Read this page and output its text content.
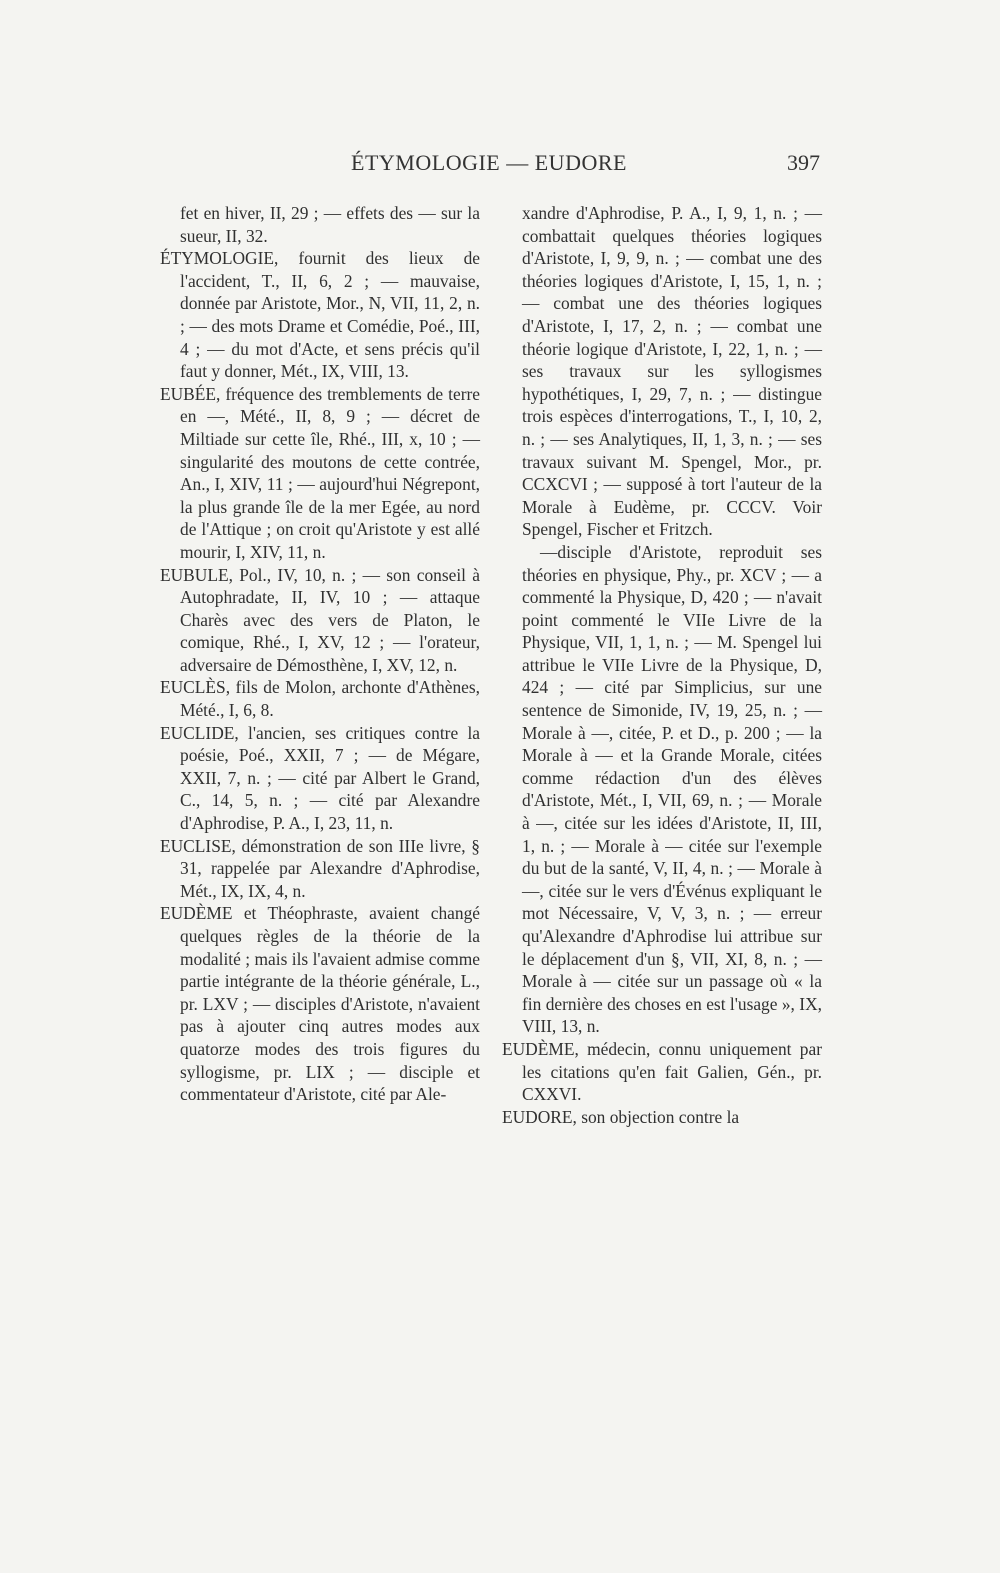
ÉTYMOLOGIE — EUDORE	397

fet en hiver, II, 29 ; — effets des — sur la sueur, II, 32.

ÉTYMOLOGIE, fournit des lieux de l'accident, T., II, 6, 2 ; — mauvaise, donnée par Aristote, Mor., N, VII, 11, 2, n. ; — des mots Drame et Comédie, Poé., III, 4 ; — du mot d'Acte, et sens précis qu'il faut y donner, Mét., IX, VIII, 13.

EUBÉE, fréquence des tremblements de terre en —, Mété., II, 8, 9 ; — décret de Miltiade sur cette île, Rhé., III, x, 10 ; — singularité des moutons de cette contrée, An., I, XIV, 11 ; — aujourd'hui Négrepont, la plus grande île de la mer Egée, au nord de l'Attique ; on croit qu'Aristote y est allé mourir, I, XIV, 11, n.

EUBULE, Pol., IV, 10, n. ; — son conseil à Autophradate, II, IV, 10 ; — attaque Charès avec des vers de Platon, le comique, Rhé., I, XV, 12 ; — l'orateur, adversaire de Démosthène, I, XV, 12, n.

EUCLÈS, fils de Molon, archonte d'Athènes, Mété., I, 6, 8.

EUCLIDE, l'ancien, ses critiques contre la poésie, Poé., XXII, 7 ; — de Mégare, XXII, 7, n. ; — cité par Albert le Grand, C., 14, 5, n. ; — cité par Alexandre d'Aphrodise, P. A., I, 23, 11, n.

EUCLISE, démonstration de son IIIe livre, § 31, rappelée par Alexandre d'Aphrodise, Mét., IX, IX, 4, n.

EUDÈME et Théophraste, avaient changé quelques règles de la théorie de la modalité ; mais ils l'avaient admise comme partie intégrante de la théorie générale, L., pr. LXV ; — disciples d'Aristote, n'avaient pas à ajouter cinq autres modes aux quatorze modes des trois figures du syllogisme, pr. LIX ; — disciple et commentateur d'Aristote, cité par Ale-

xandre d'Aphrodise, P. A., I, 9, 1, n. ; — combattait quelques théories logiques d'Aristote, I, 9, 9, n. ; — combat une des théories logiques d'Aristote, I, 15, 1, n. ; — combat une des théories logiques d'Aristote, I, 17, 2, n. ; — combat une théorie logique d'Aristote, I, 22, 1, n. ; — ses travaux sur les syllogismes hypothétiques, I, 29, 7, n. ; — distingue trois espèces d'interrogations, T., I, 10, 2, n. ; — ses Analytiques, II, 1, 3, n. ; — ses travaux suivant M. Spengel, Mor., pr. CCXCVI ; — supposé à tort l'auteur de la Morale à Eudème, pr. CCCV. Voir Spengel, Fischer et Fritzch.

—disciple d'Aristote, reproduit ses théories en physique, Phy., pr. XCV ; — a commenté la Physique, D, 420 ; — n'avait point commenté le VIIe Livre de la Physique, VII, 1, 1, n. ; — M. Spengel lui attribue le VIIe Livre de la Physique, D, 424 ; — cité par Simplicius, sur une sentence de Simonide, IV, 19, 25, n. ; — Morale à —, citée, P. et D., p. 200 ; — la Morale à — et la Grande Morale, citées comme rédaction d'un des élèves d'Aristote, Mét., I, VII, 69, n. ; — Morale à —, citée sur les idées d'Aristote, II, III, 1, n. ; — Morale à — citée sur l'exemple du but de la santé, V, II, 4, n. ; — Morale à —, citée sur le vers d'Événus expliquant le mot Nécessaire, V, V, 3, n. ; — erreur qu'Alexandre d'Aphrodise lui attribue sur le déplacement d'un §, VII, XI, 8, n. ; — Morale à — citée sur un passage où « la fin dernière des choses en est l'usage », IX, VIII, 13, n.

EUDÈME, médecin, connu uniquement par les citations qu'en fait Galien, Gén., pr. CXXVI.

EUDORE, son objection contre la
